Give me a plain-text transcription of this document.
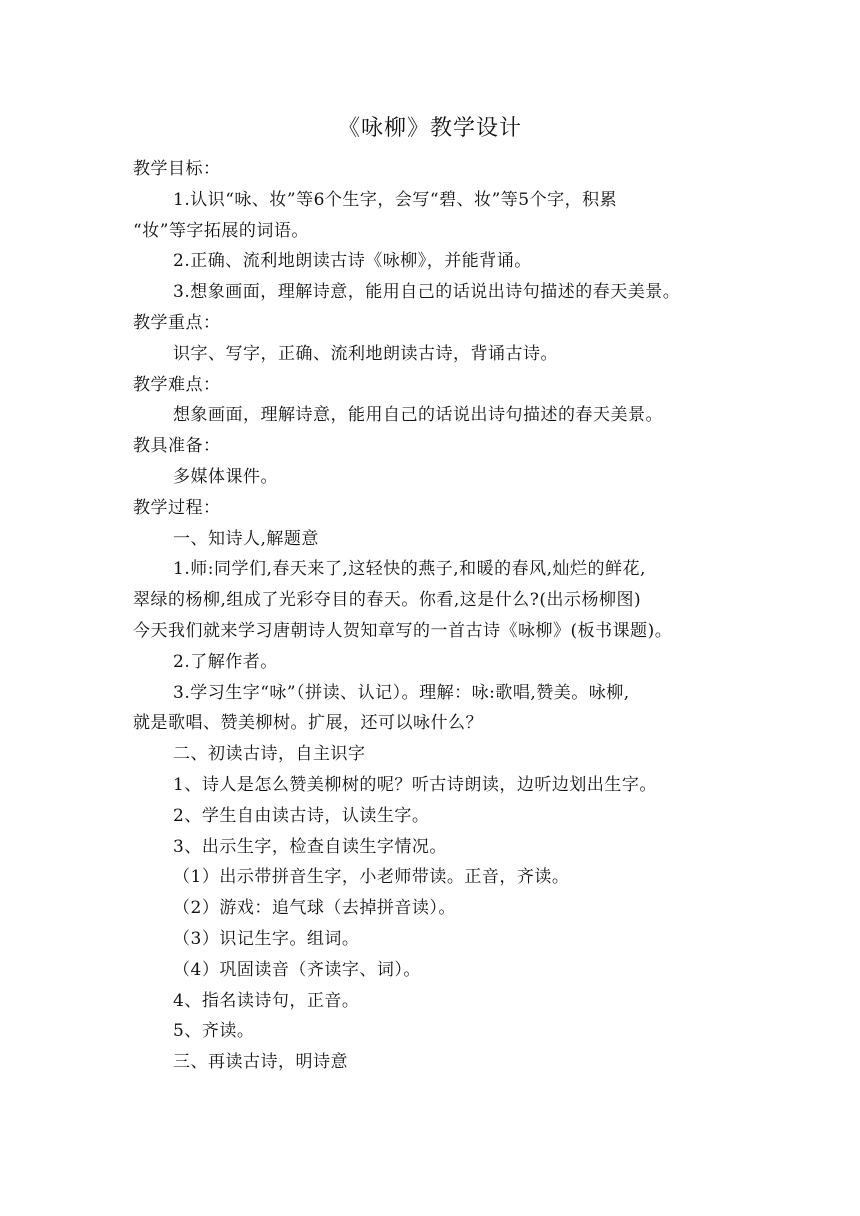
《咏柳》教学设计
教学目标：
1.认识“咏、妆”等6个生字，会写“碧、妆”等5个字，积累
“妆”等字拓展的词语。
2.正确、流利地朗读古诗《咏柳》，并能背诵。
3.想象画面，理解诗意，能用自己的话说出诗句描述的春天美景。
教学重点：
识字、写字，正确、流利地朗读古诗，背诵古诗。
教学难点：
想象画面，理解诗意，能用自己的话说出诗句描述的春天美景。
教具准备：
多媒体课件。
教学过程：
一、知诗人,解题意
1.师:同学们,春天来了,这轻快的燕子,和暖的春风,灿烂的鲜花,
翠绿的杨柳,组成了光彩夺目的春天。你看,这是什么?(出示杨柳图)
今天我们就来学习唐朝诗人贺知章写的一首古诗《咏柳》(板书课题)。
2.了解作者。
3.学习生字“咏”（拼读、认记）。理解：咏:歌唱,赞美。咏柳,
就是歌唱、赞美柳树。扩展，还可以咏什么？
二、初读古诗，自主识字
1、诗人是怎么赞美柳树的呢？听古诗朗读，边听边划出生字。
2、学生自由读古诗，认读生字。
3、出示生字，检查自读生字情况。
（1）出示带拼音生字，小老师带读。正音，齐读。
（2）游戏：追气球（去掉拼音读）。
（3）识记生字。组词。
（4）巩固读音（齐读字、词）。
4、指名读诗句，正音。
5、齐读。
三、再读古诗，明诗意
